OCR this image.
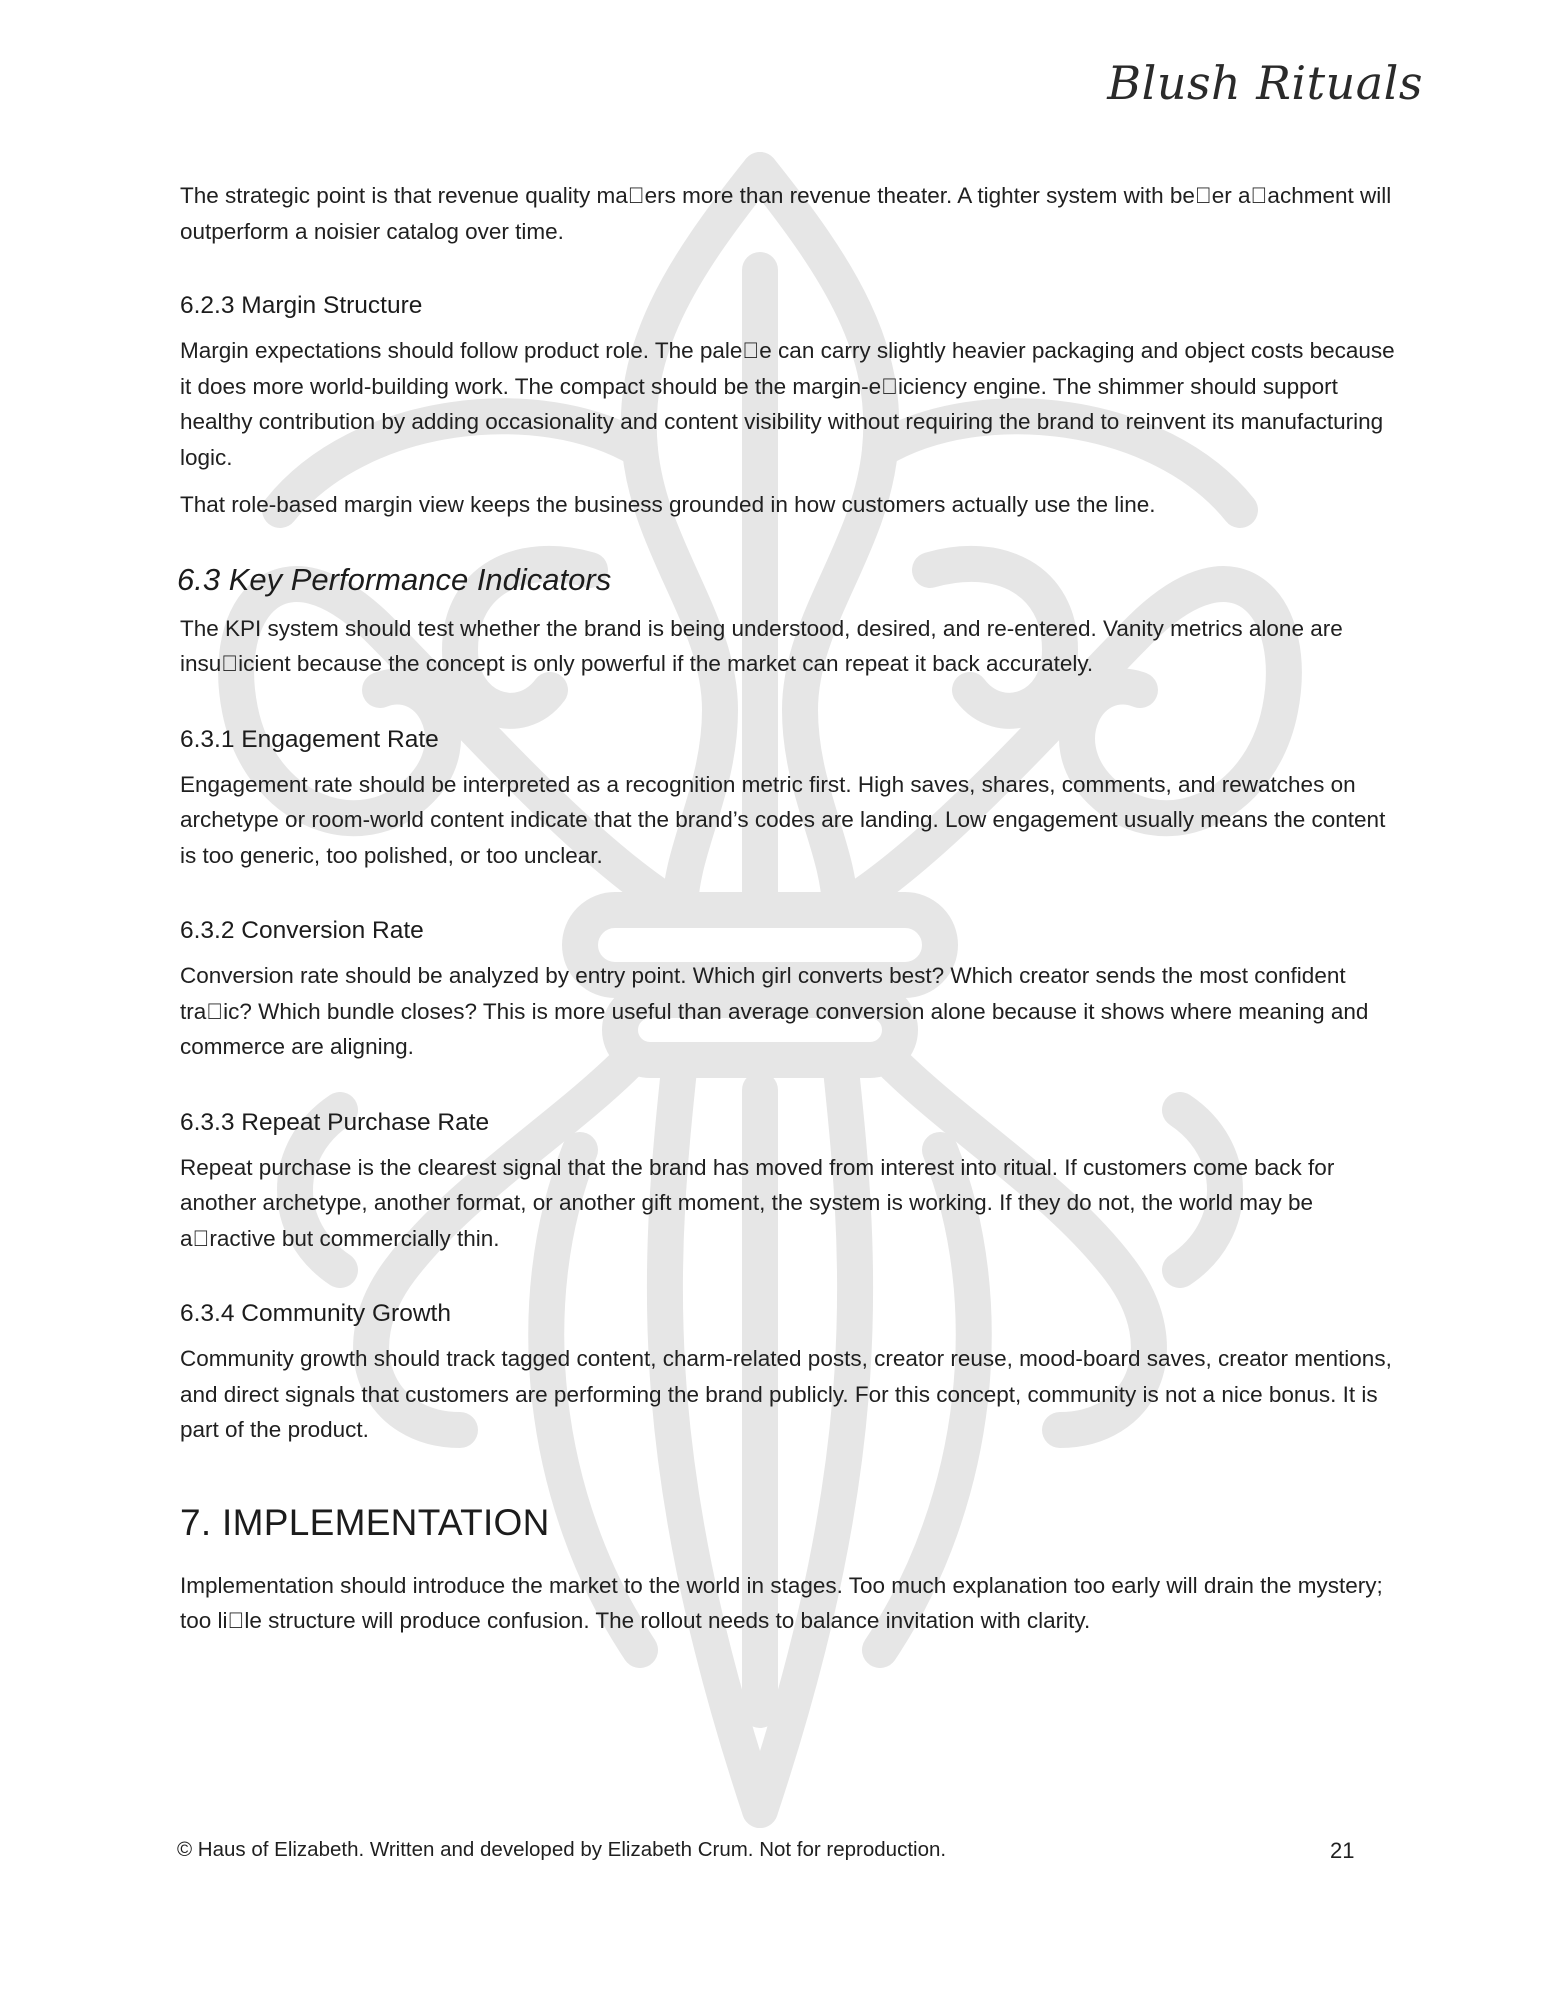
Blush Rituals

The strategic point is that revenue quality ma ers more than revenue theater. A tighter system with be er a achment will outperform a noisier catalog over time.

6.2.3 Margin Structure

Margin expectations should follow product role. The pale e can carry slightly heavier packaging and object costs because it does more world-building work. The compact should be the margin-e iciency engine. The shimmer should support healthy contribution by adding occasionality and content visibility without requiring the brand to reinvent its manufacturing logic.

That role-based margin view keeps the business grounded in how customers actually use the line.

6.3 Key Performance Indicators

The KPI system should test whether the brand is being understood, desired, and re-entered. Vanity metrics alone are insu icient because the concept is only powerful if the market can repeat it back accurately.

6.3.1 Engagement Rate

Engagement rate should be interpreted as a recognition metric first. High saves, shares, comments, and rewatches on archetype or room-world content indicate that the brand’s codes are landing. Low engagement usually means the content is too generic, too polished, or too unclear.

6.3.2 Conversion Rate

Conversion rate should be analyzed by entry point. Which girl converts best? Which creator sends the most confident tra ic? Which bundle closes? This is more useful than average conversion alone because it shows where meaning and commerce are aligning.

6.3.3 Repeat Purchase Rate

Repeat purchase is the clearest signal that the brand has moved from interest into ritual. If customers come back for another archetype, another format, or another gift moment, the system is working. If they do not, the world may be a ractive but commercially thin.

6.3.4 Community Growth

Community growth should track tagged content, charm-related posts, creator reuse, mood-board saves, creator mentions, and direct signals that customers are performing the brand publicly. For this concept, community is not a nice bonus. It is part of the product.

7. IMPLEMENTATION

Implementation should introduce the market to the world in stages. Too much explanation too early will drain the mystery; too li le structure will produce confusion. The rollout needs to balance invitation with clarity.

© Haus of Elizabeth. Written and developed by Elizabeth Crum. Not for reproduction.	21
